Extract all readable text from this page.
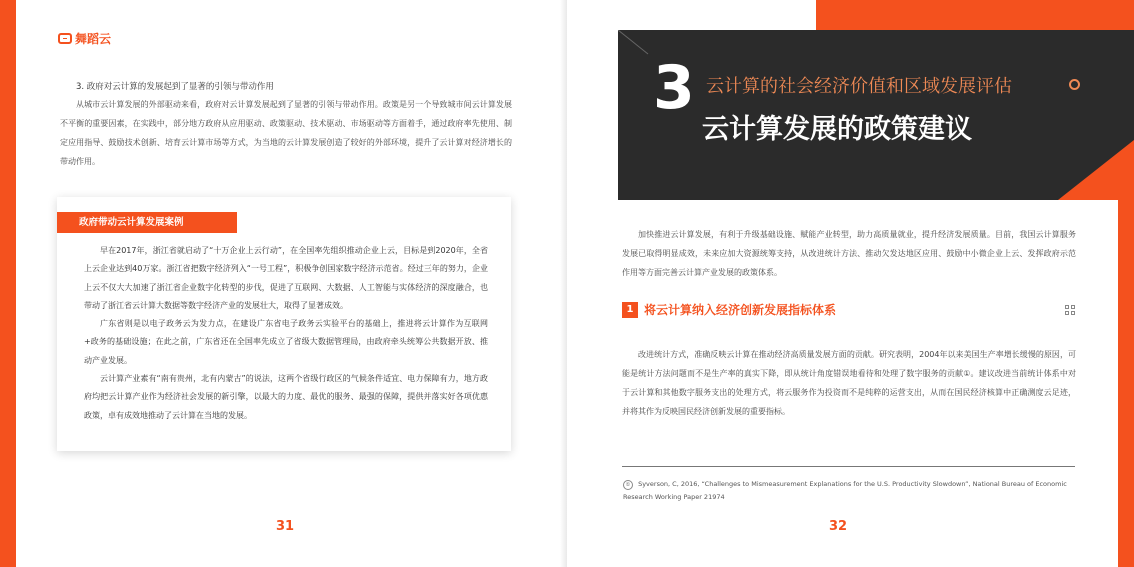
舞蹈云
3. 政府对云计算的发展起到了显著的引领与带动作用

从城市云计算发展的外部驱动来看，政府对云计算发展起到了显著的引领与带动作用。政策是另一个导致城市间云计算发展不平衡的重要因素，在实践中，部分地方政府从应用驱动、政策驱动、技术驱动、市场驱动等方面着手，通过政府率先使用、制定应用指导、鼓励技术创新、培育云计算市场等方式，为当地的云计算发展创造了较好的外部环境，提升了云计算对经济增长的带动作用。

政府带动云计算发展案例

早在2017年，浙江省就启动了“十万企业上云行动”，在全国率先组织推动企业上云，目标是到2020年，全省上云企业达到40万家。浙江省把数字经济列入“一号工程”，积极争创国家数字经济示范省。经过三年的努力，企业上云不仅大大加速了浙江省企业数字化转型的步伐，促进了互联网、大数据、人工智能与实体经济的深度融合，也带动了浙江省云计算大数据等数字经济产业的发展壮大，取得了显著成效。

广东省则是以电子政务云为发力点，在建设广东省电子政务云实验平台的基础上，推进将云计算作为互联网+政务的基础设施；在此之前，广东省还在全国率先成立了省级大数据管理局，由政府牵头统筹公共数据开放、推动产业发展。

云计算产业素有“南有贵州，北有内蒙古”的说法，这两个省级行政区的气候条件适宜、电力保障有力，地方政府均把云计算产业作为经济社会发展的新引擎，以最大的力度、最优的服务、最强的保障，提供并落实好各项优惠政策，卓有成效地推动了云计算在当地的发展。

31
3 云计算的社会经济价值和区域发展评估
云计算发展的政策建议

加快推进云计算发展，有利于升级基础设施、赋能产业转型，助力高质量就业，提升经济发展质量。目前，我国云计算服务发展已取得明显成效，未来应加大资源统筹支持，从改进统计方法、推动欠发达地区应用、鼓励中小微企业上云、发挥政府示范作用等方面完善云计算产业发展的政策体系。

1 将云计算纳入经济创新发展指标体系

改进统计方式，准确反映云计算在推动经济高质量发展方面的贡献。研究表明，2004年以来美国生产率增长缓慢的原因，可能是统计方法问题而不是生产率的真实下降，即从统计角度错误地看待和处理了数字服务的贡献①。建议改进当前统计体系中对于云计算和其他数字服务支出的处理方式，将云服务作为投资而不是纯粹的运营支出，从而在国民经济核算中正确测度云足迹，并将其作为反映国民经济创新发展的重要指标。

① Syverson, C, 2016, “Challenges to Mismeasurement Explanations for the U.S. Productivity Slowdown”, National Bureau of Economic Research Working Paper 21974

32
